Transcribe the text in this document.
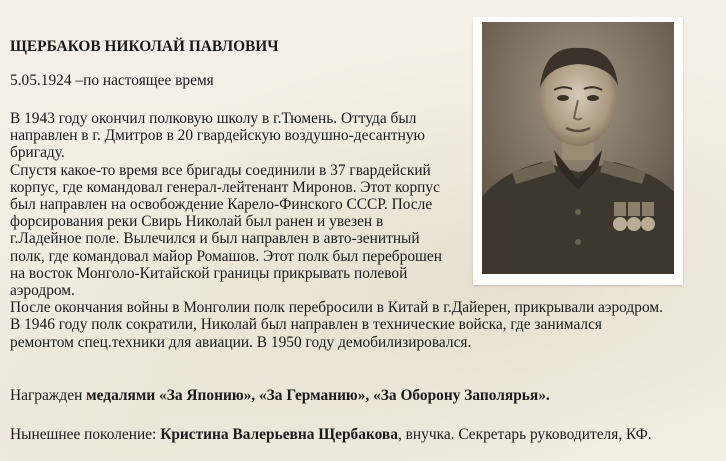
ЩЕРБАКОВ НИКОЛАЙ ПАВЛОВИЧ
5.05.1924 –по настоящее время
В 1943 году окончил полковую школу в г.Тюмень. Оттуда был
направлен в г. Дмитров в 20 гвардейскую воздушно-десантную
бригаду.
Спустя какое-то время все бригады соединили в 37 гвардейский
корпус, где командовал генерал-лейтенант Миронов. Этот корпус
был направлен на освобождение Карело-Финского СССР. После
форсирования реки Свирь Николай был ранен и увезен в
г.Ладейное поле. Вылечился и был направлен в авто-зенитный
полк, где командовал майор Ромашов. Этот полк был переброшен
на восток Монголо-Китайской границы прикрывать полевой
аэродром.
После окончания войны в Монголии полк перебросили в Китай в г.Дайерен, прикрывали аэродром.
В 1946 году полк сократили, Николай был направлен в технические войска, где занимался
ремонтом спец.техники для авиации. В 1950 году демобилизировался.
Награжден медалями «За Японию», «За Германию», «За Оборону Заполярья».
Нынешнее поколение: Кристина Валерьевна Щербакова, внучка. Секретарь руководителя, КФ.
